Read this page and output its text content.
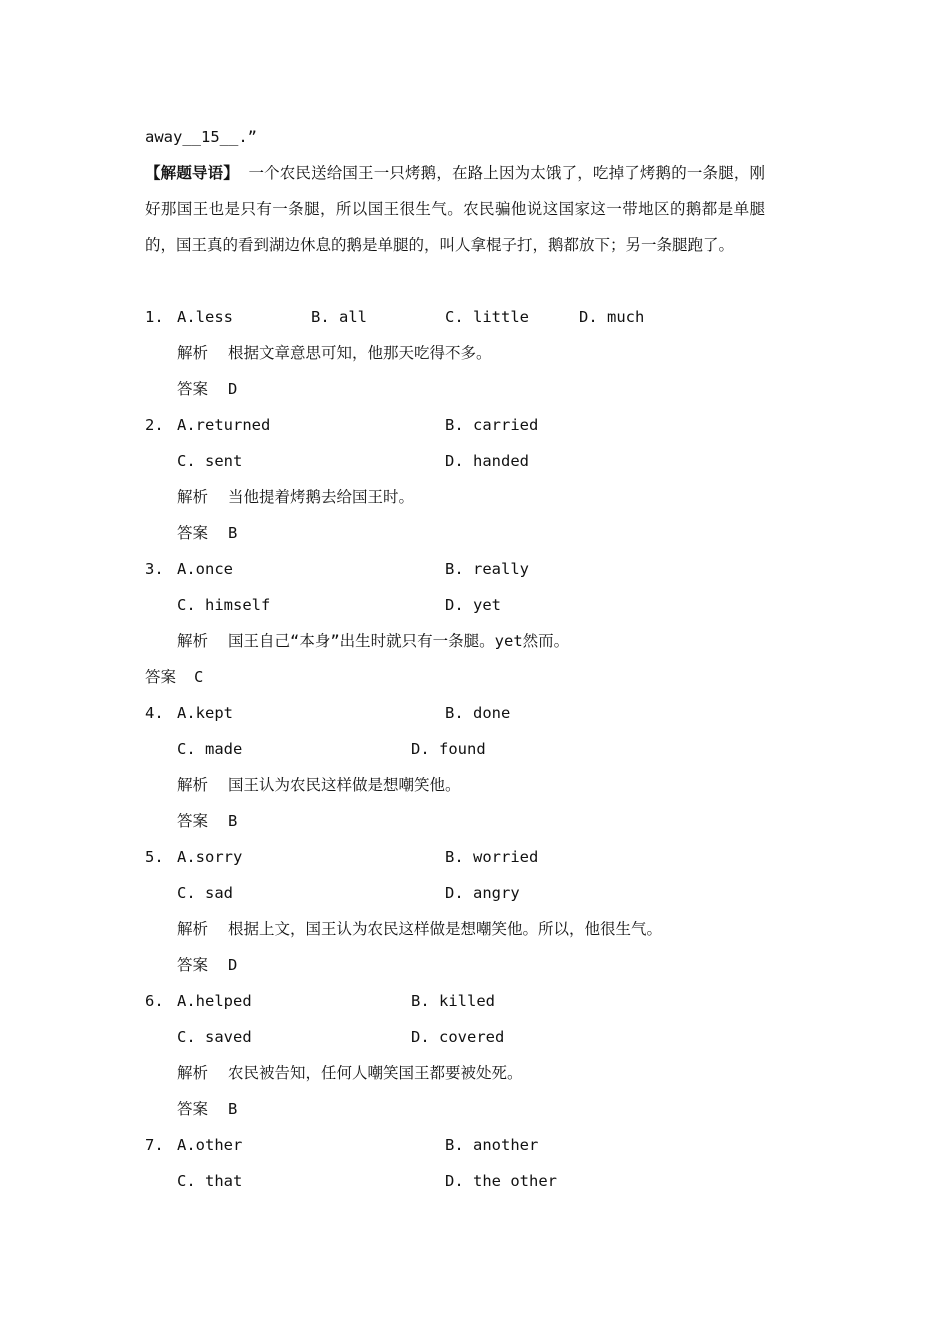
away__15__.”
【解题导语】 一个农民送给国王一只烤鹅，在路上因为太饿了，吃掉了烤鹅的一条腿，刚好那国王也是只有一条腿，所以国王很生气。农民骗他说这国家这一带地区的鹅都是单腿的，国王真的看到湖边休息的鹅是单腿的，叫人拿棍子打，鹅都放下；另一条腿跑了。
1. A.less	B. all	C. little	D. much
解析 根据文章意思可知，他那天吃得不多。
答案 D
2. A.returned	B. carried
C. sent	D. handed
解析 当他提着烤鹅去给国王时。
答案 B
3. A.once	B. really
C. himself	D. yet
解析 国王自己“本身”出生时就只有一条腿。yet然而。
答案 C
4. A.kept	B. done
C. made	D. found
解析 国王认为农民这样做是想嘲笑他。
答案 B
5. A.sorry	B. worried
C. sad	D. angry
解析 根据上文，国王认为农民这样做是想嘲笑他。所以，他很生气。
答案 D
6. A.helped	B. killed
C. saved	D. covered
解析 农民被告知，任何人嘲笑国王都要被处死。
答案 B
7. A.other	B. another
C. that	D. the other
